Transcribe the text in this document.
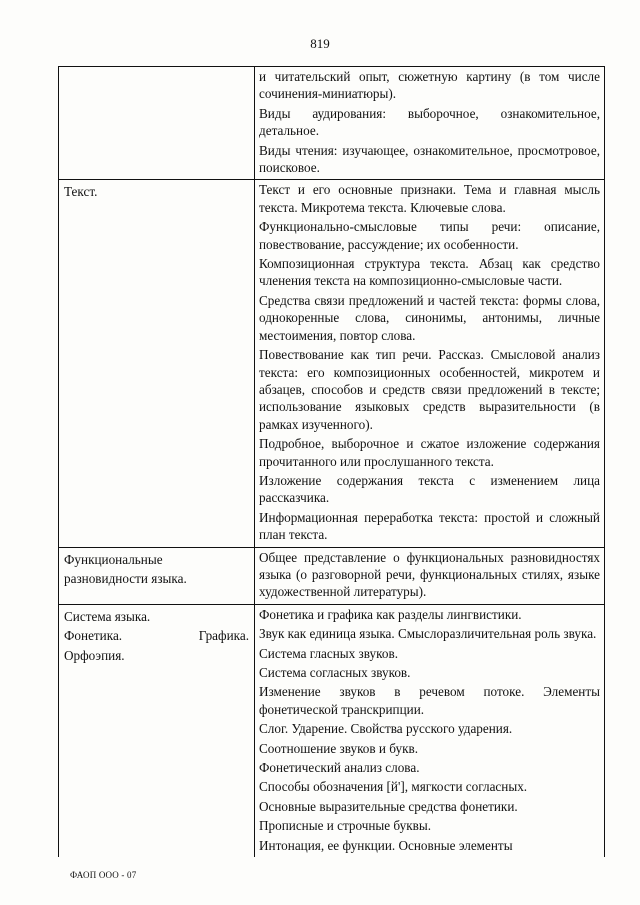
819

и читательский опыт, сюжетную картину (в том числе сочинения-миниатюры).

Виды аудирования: выборочное, ознакомительное, детальное.

Виды чтения: изучающее, ознакомительное, просмотровое, поисковое.

Текст.	Текст и его основные признаки. Тема и главная мысль текста. Микротема текста. Ключевые слова.

Функционально-смысловые типы речи: описание, повествование, рассуждение; их особенности.

Композиционная структура текста. Абзац как средство членения текста на композиционно-смысловые части.

Средства связи предложений и частей текста: формы слова, однокоренные слова, синонимы, антонимы, личные местоимения, повтор слова.

Повествование как тип речи. Рассказ. Смысловой анализ текста: его композиционных особенностей, микротем и абзацев, способов и средств связи предложений в тексте; использование языковых средств выразительности (в рамках изученного).

Подробное, выборочное и сжатое изложение содержания прочитанного или прослушанного текста.

Изложение содержания текста с изменением лица рассказчика.

Информационная переработка текста: простой и сложный план текста.

Функциональные
разновидности языка.

Общее представление о функциональных разновидностях языка (о разговорной речи, функциональных стилях, языке художественной литературы).

Система языка.
Фонетика. Графика.
Орфоэпия.

Фонетика и графика как разделы лингвистики.

Звук как единица языка. Смыслоразличительная роль звука.

Система гласных звуков.

Система согласных звуков.

Изменение звуков в речевом потоке. Элементы фонетической транскрипции.

Слог. Ударение. Свойства русского ударения.

Соотношение звуков и букв.

Фонетический анализ слова.

Способы обозначения [й'], мягкости согласных.

Основные выразительные средства фонетики.

Прописные и строчные буквы.

Интонация, ее функции. Основные элементы

ФАОП ООО - 07
